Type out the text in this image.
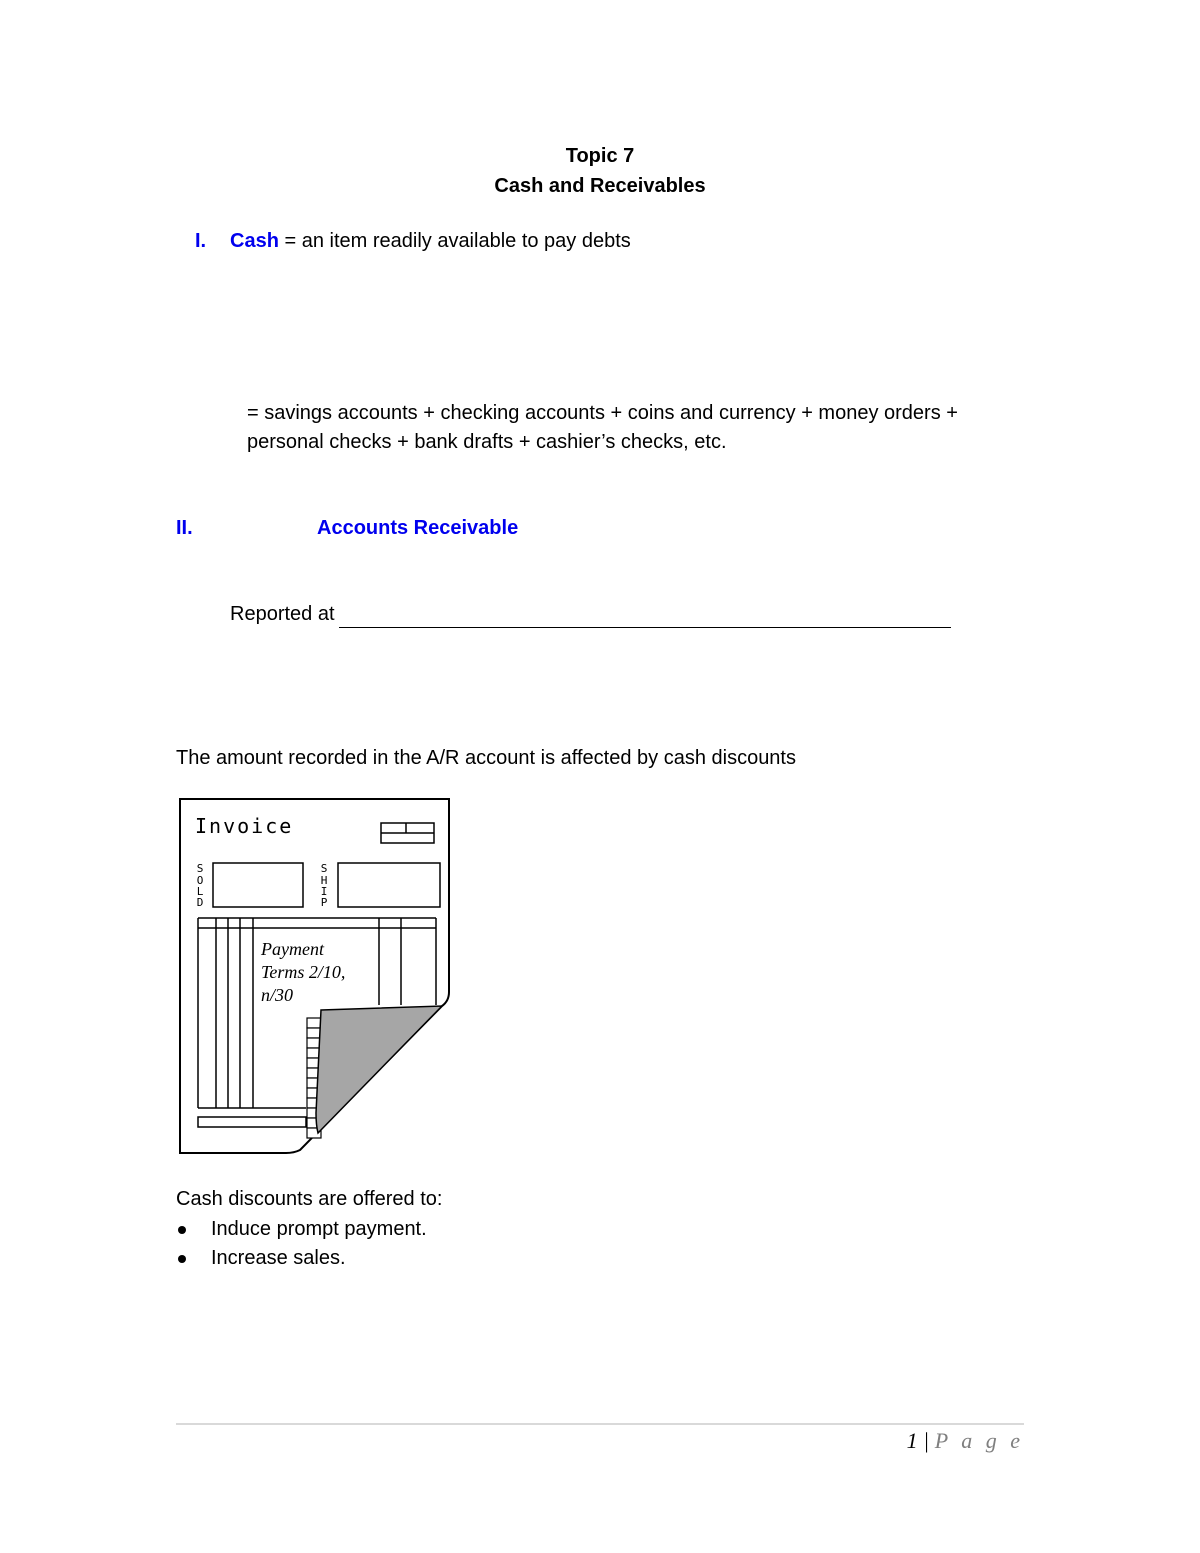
Topic 7
Cash and Receivables
I. Cash = an item readily available to pay debts
= savings accounts + checking accounts + coins and currency + money orders +
personal checks + bank drafts + cashier’s checks, etc.
II.	Accounts Receivable
Reported at
The amount recorded in the A/R account is affected by cash discounts
Invoice
S
O
L
D
S
H
I
P
Payment
Terms 2/10,
n/30
Cash discounts are offered to:
Induce prompt payment.
Increase sales.
1 | P a g e
